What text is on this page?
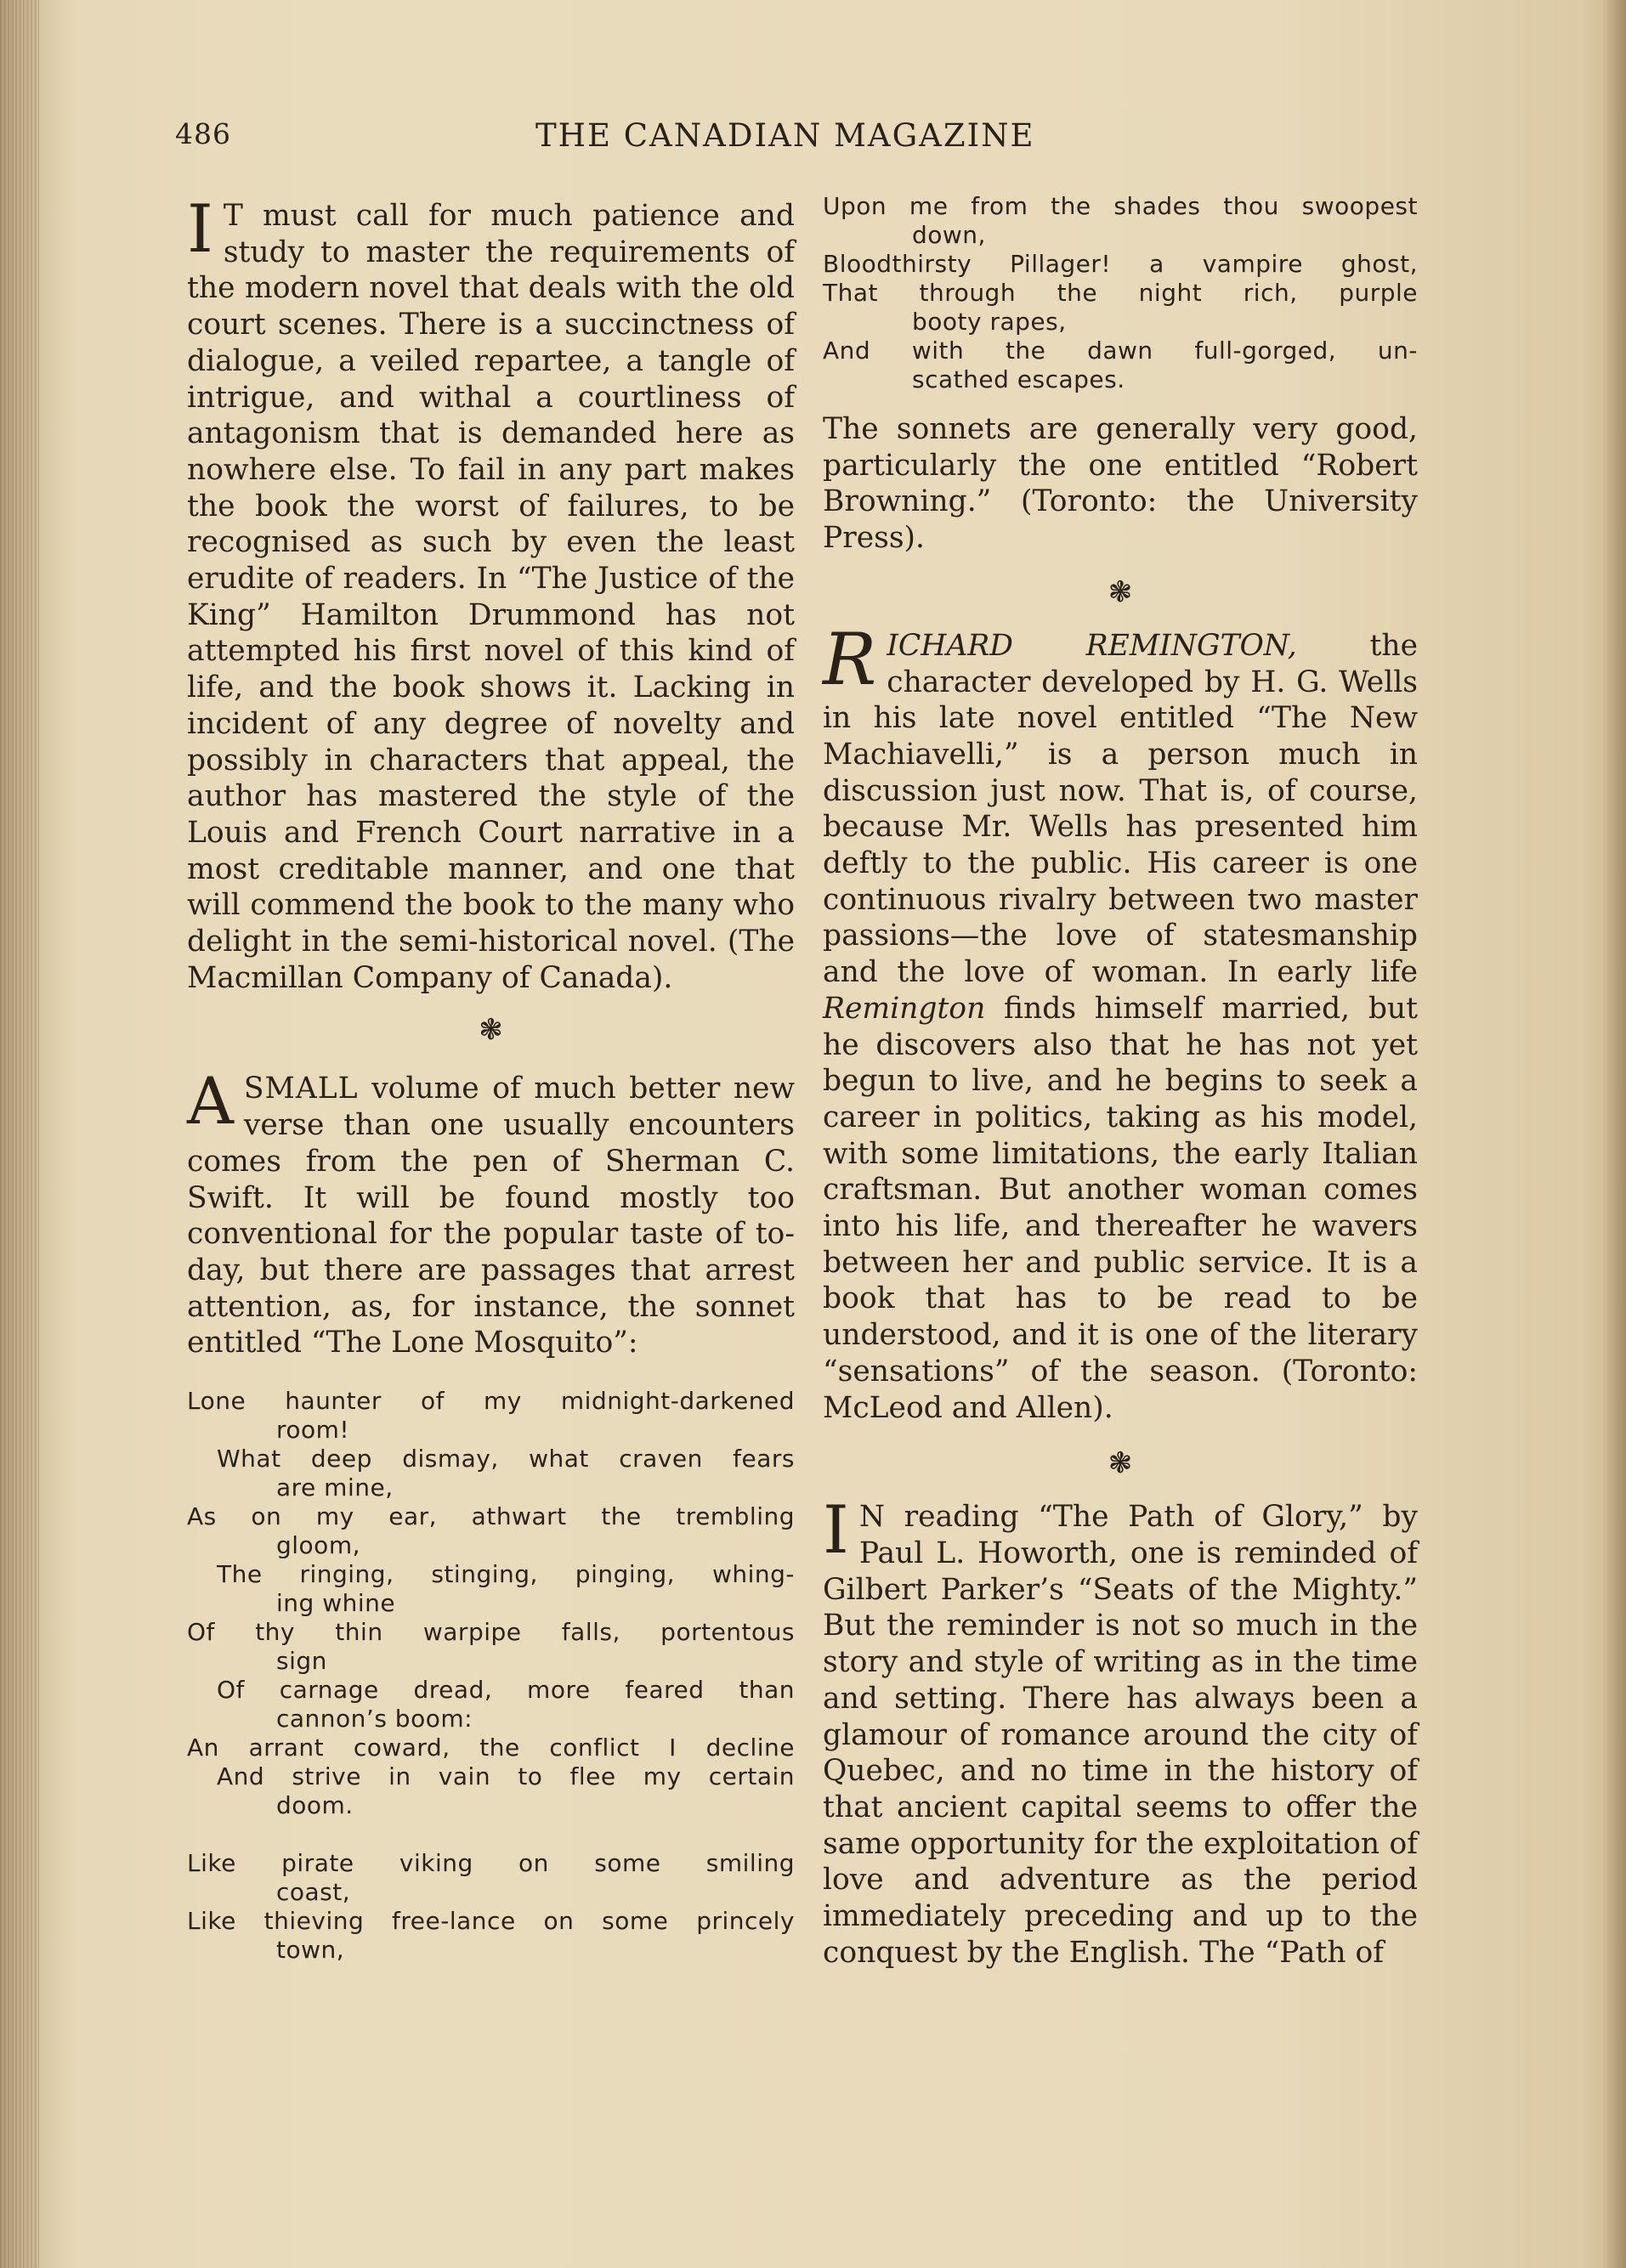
486	THE CANADIAN MAGAZINE

I T must call for much patience and study to master the requirements of the modern novel that deals with the old court scenes. There is a succinctness of dialogue, a veiled repartee, a tangle of intrigue, and withal a courtliness of antagonism that is demanded here as nowhere else. To fail in any part makes the book the worst of failures, to be recognised as such by even the least erudite of readers. In “The Justice of the King” Hamilton Drummond has not attempted his first novel of this kind of life, and the book shows it. Lacking in incident of any degree of novelty and possibly in characters that appeal, the author has mastered the style of the Louis and French Court narrative in a most creditable manner, and one that will commend the book to the many who delight in the semi-historical novel. (The Macmillan Company of Canada).

❃

ASMALL volume of much better new verse than one usually encounters comes from the pen of Sherman C. Swift. It will be found mostly too conventional for the popular taste of to-day, but there are passages that arrest attention, as, for instance, the sonnet entitled “The Lone Mosquito”:

Lone haunter of my midnight-darkened
room!
What deep dismay, what craven fears
are mine,
As on my ear, athwart the trembling
gloom,
The ringing, stinging, pinging, whing-
ing whine
Of thy thin warpipe falls, portentous
sign
Of carnage dread, more feared than
cannon’s boom:
An arrant coward, the conflict I decline
And strive in vain to flee my certain
doom.
Like pirate viking on some smiling
coast,
Like thieving free-lance on some princely
town,
Upon me from the shades thou swoopest
down,
Bloodthirsty Pillager! a vampire ghost,
That through the night rich, purple
booty rapes,
And with the dawn full-gorged, un-
scathed escapes.

The sonnets are generally very good, particularly the one entitled “Robert Browning.” (Toronto: the University Press).

❃

RICHARD REMINGTON, the character developed by H. G. Wells in his late novel entitled “The New Machiavelli,” is a person much in discussion just now. That is, of course, because Mr. Wells has presented him deftly to the public. His career is one continuous rivalry between two master passions—the love of statesmanship and the love of woman. In early life Remington finds himself married, but he discovers also that he has not yet begun to live, and he begins to seek a career in politics, taking as his model, with some limitations, the early Italian craftsman. But another woman comes into his life, and thereafter he wavers between her and public service. It is a book that has to be read to be understood, and it is one of the literary “sensations” of the season. (Toronto: McLeod and Allen).

❃

I N reading “The Path of Glory,” by Paul L. Howorth, one is reminded of Gilbert Parker’s “Seats of the Mighty.” But the reminder is not so much in the story and style of writing as in the time and setting. There has always been a glamour of romance around the city of Quebec, and no time in the history of that ancient capital seems to offer the same opportunity for the exploitation of love and adventure as the period immediately preceding and up to the conquest by the English. The “Path of
